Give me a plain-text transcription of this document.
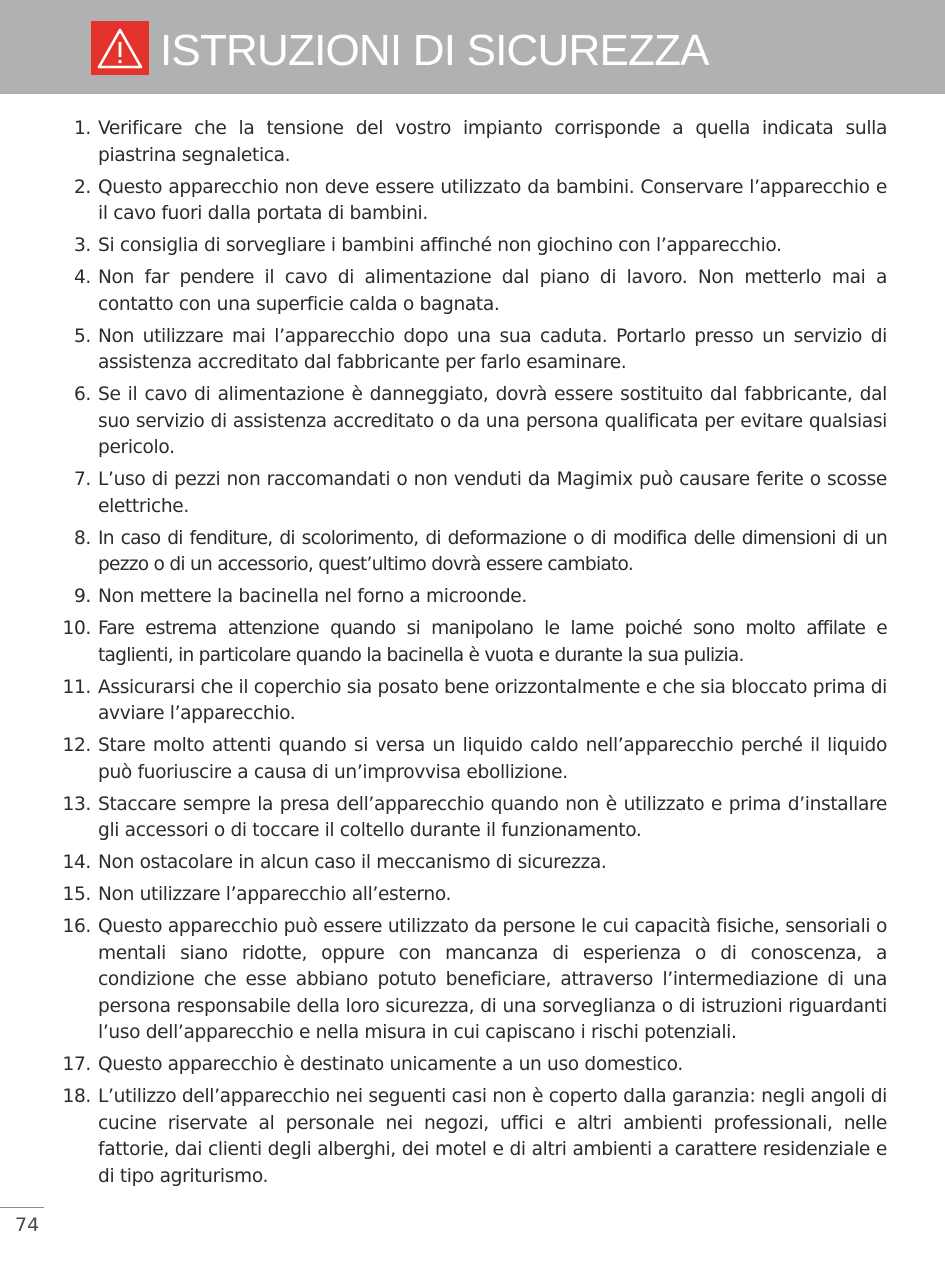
ISTRUZIONI DI SICUREZZA
1. Verificare che la tensione del vostro impianto corrisponde a quella indicata sulla piastrina segnaletica.
2. Questo apparecchio non deve essere utilizzato da bambini. Conservare l’apparecchio e il cavo fuori dalla portata di bambini.
3. Si consiglia di sorvegliare i bambini affinché non giochino con l’apparecchio.
4. Non far pendere il cavo di alimentazione dal piano di lavoro. Non metterlo mai a contatto con una superficie calda o bagnata.
5. Non utilizzare mai l’apparecchio dopo una sua caduta. Portarlo presso un servizio di assistenza accreditato dal fabbricante per farlo esaminare.
6. Se il cavo di alimentazione è danneggiato, dovrà essere sostituito dal fabbricante, dal suo servizio di assistenza accreditato o da una persona qualificata per evitare qualsiasi pericolo.
7. L’uso di pezzi non raccomandati o non venduti da Magimix può causare ferite o scosse elettriche.
8. In caso di fenditure, di scolorimento, di deformazione o di modifica delle dimensioni di un pezzo o di un accessorio, quest’ultimo dovrà essere cambiato.
9. Non mettere la bacinella nel forno a microonde.
10. Fare estrema attenzione quando si manipolano le lame poiché sono molto affilate e taglienti, in particolare quando la bacinella è vuota e durante la sua pulizia.
11. Assicurarsi che il coperchio sia posato bene orizzontalmente e che sia bloccato prima di avviare l’apparecchio.
12. Stare molto attenti quando si versa un liquido caldo nell’apparecchio perché il liquido può fuoriuscire a causa di un’improvvisa ebollizione.
13. Staccare sempre la presa dell’apparecchio quando non è utilizzato e prima d’installare gli accessori o di toccare il coltello durante il funzionamento.
14. Non ostacolare in alcun caso il meccanismo di sicurezza.
15. Non utilizzare l’apparecchio all’esterno.
16. Questo apparecchio può essere utilizzato da persone le cui capacità fisiche, sensoriali o mentali siano ridotte, oppure con mancanza di esperienza o di conoscenza, a condizione che esse abbiano potuto beneficiare, attraverso l’intermediazione di una persona responsabile della loro sicurezza, di una sorveglianza o di istruzioni riguardanti l’uso dell’apparecchio e nella misura in cui capiscano i rischi potenziali.
17. Questo apparecchio è destinato unicamente a un uso domestico.
18. L’utilizzo dell’apparecchio nei seguenti casi non è coperto dalla garanzia: negli angoli di cucine riservate al personale nei negozi, uffici e altri ambienti professionali, nelle fattorie, dai clienti degli alberghi, dei motel e di altri ambienti a carattere residenziale e di tipo agriturismo.
74
